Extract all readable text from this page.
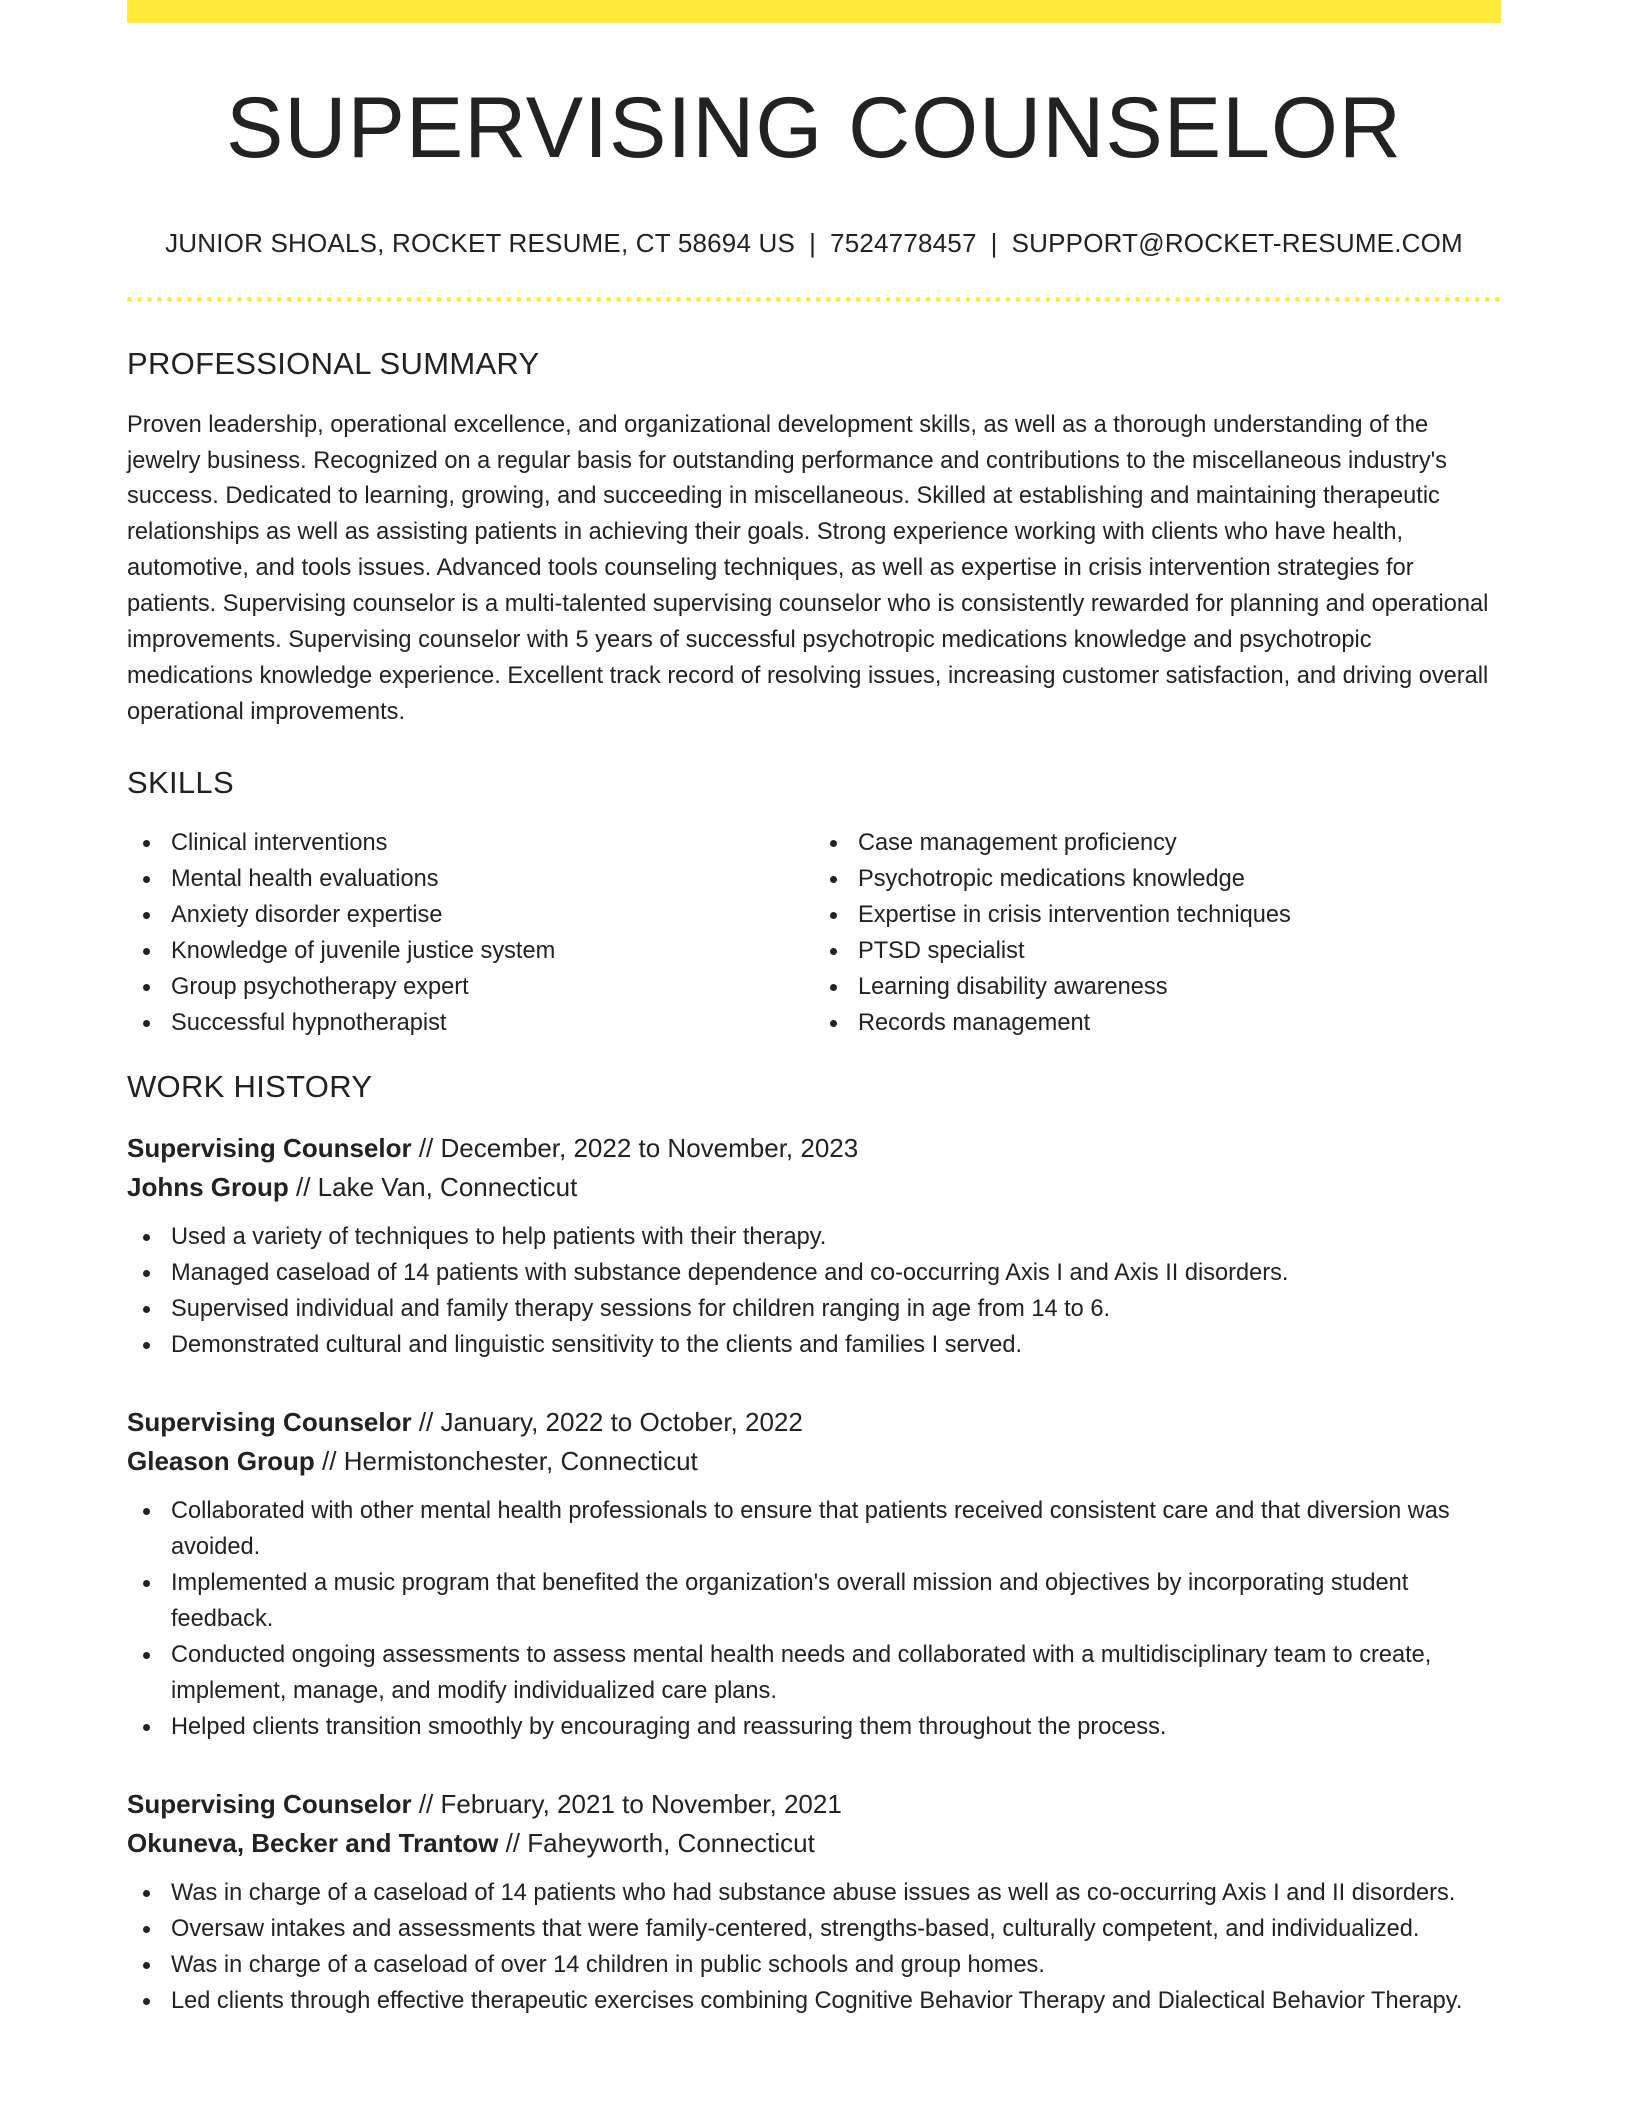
SUPERVISING COUNSELOR
JUNIOR SHOALS, ROCKET RESUME, CT 58694 US | 7524778457 | SUPPORT@ROCKET-RESUME.COM
PROFESSIONAL SUMMARY

Proven leadership, operational excellence, and organizational development skills, as well as a thorough understanding of the jewelry business. Recognized on a regular basis for outstanding performance and contributions to the miscellaneous industry's success. Dedicated to learning, growing, and succeeding in miscellaneous. Skilled at establishing and maintaining therapeutic relationships as well as assisting patients in achieving their goals. Strong experience working with clients who have health, automotive, and tools issues. Advanced tools counseling techniques, as well as expertise in crisis intervention strategies for patients. Supervising counselor is a multi-talented supervising counselor who is consistently rewarded for planning and operational improvements. Supervising counselor with 5 years of successful psychotropic medications knowledge and psychotropic medications knowledge experience. Excellent track record of resolving issues, increasing customer satisfaction, and driving overall operational improvements.

SKILLS
Clinical interventions
Mental health evaluations
Anxiety disorder expertise
Knowledge of juvenile justice system
Group psychotherapy expert
Successful hypnotherapist
Case management proficiency
Psychotropic medications knowledge
Expertise in crisis intervention techniques
PTSD specialist
Learning disability awareness
Records management
WORK HISTORY
Supervising Counselor // December, 2022 to November, 2023
Johns Group // Lake Van, Connecticut
Used a variety of techniques to help patients with their therapy.
Managed caseload of 14 patients with substance dependence and co-occurring Axis I and Axis II disorders.
Supervised individual and family therapy sessions for children ranging in age from 14 to 6.
Demonstrated cultural and linguistic sensitivity to the clients and families I served.
Supervising Counselor // January, 2022 to October, 2022
Gleason Group // Hermistonchester, Connecticut
Collaborated with other mental health professionals to ensure that patients received consistent care and that diversion was avoided.
Implemented a music program that benefited the organization's overall mission and objectives by incorporating student feedback.
Conducted ongoing assessments to assess mental health needs and collaborated with a multidisciplinary team to create, implement, manage, and modify individualized care plans.
Helped clients transition smoothly by encouraging and reassuring them throughout the process.
Supervising Counselor // February, 2021 to November, 2021
Okuneva, Becker and Trantow // Faheyworth, Connecticut
Was in charge of a caseload of 14 patients who had substance abuse issues as well as co-occurring Axis I and II disorders.
Oversaw intakes and assessments that were family-centered, strengths-based, culturally competent, and individualized.
Was in charge of a caseload of over 14 children in public schools and group homes.
Led clients through effective therapeutic exercises combining Cognitive Behavior Therapy and Dialectical Behavior Therapy.
